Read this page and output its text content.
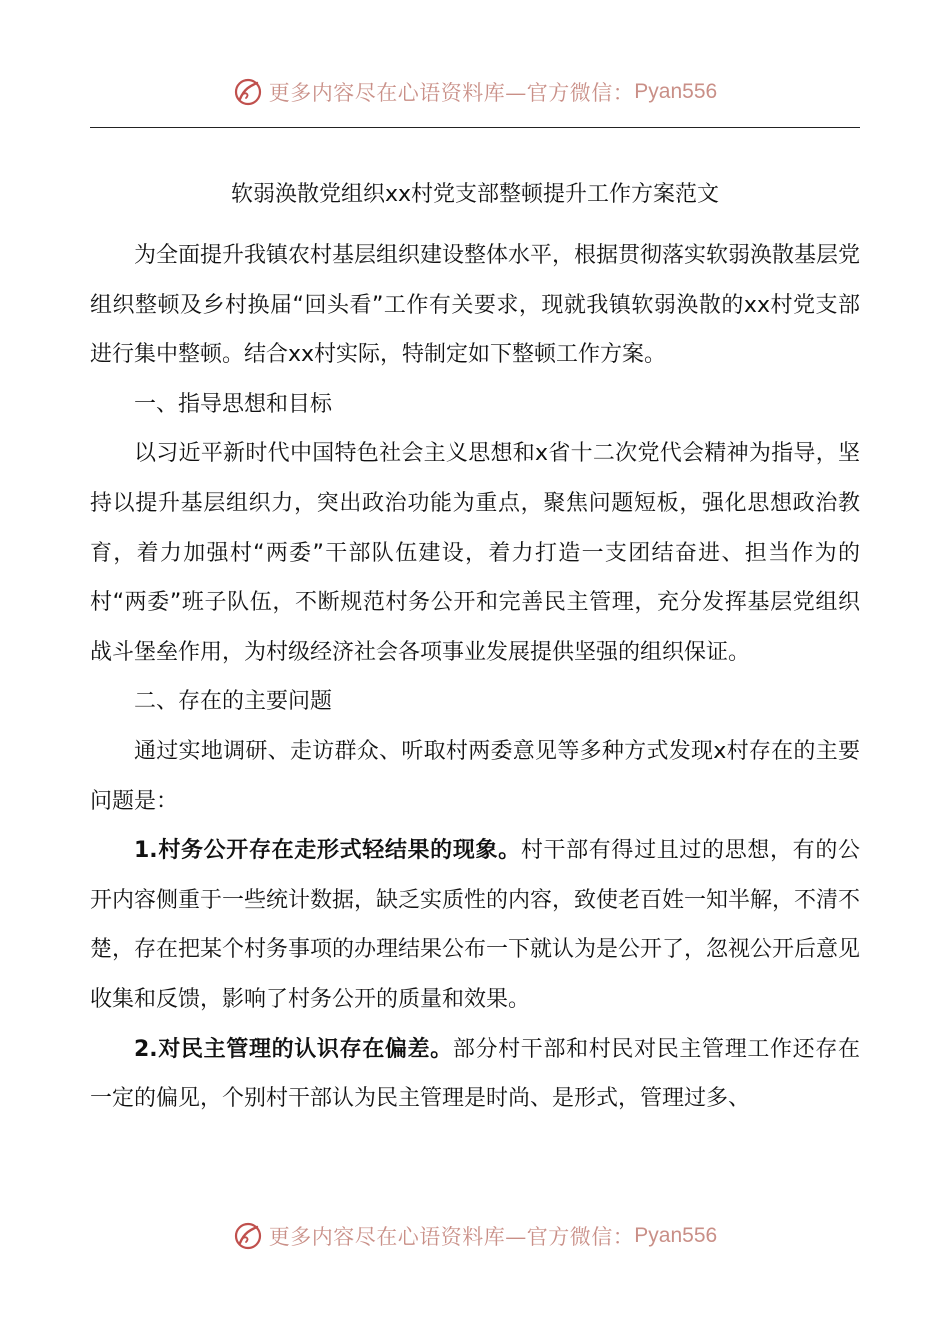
更多内容尽在心语资料库—官方微信： Pyan556
软弱涣散党组织xx村党支部整顿提升工作方案范文

为全面提升我镇农村基层组织建设整体水平，根据贯彻落实软弱涣散基层党组织整顿及乡村换届“回头看”工作有关要求，现就我镇软弱涣散的xx村党支部进行集中整顿。结合xx村实际，特制定如下整顿工作方案。

一、指导思想和目标

以习近平新时代中国特色社会主义思想和x省十二次党代会精神为指导，坚持以提升基层组织力，突出政治功能为重点，聚焦问题短板，强化思想政治教育，着力加强村“两委”干部队伍建设，着力打造一支团结奋进、担当作为的村“两委”班子队伍，不断规范村务公开和完善民主管理，充分发挥基层党组织战斗堡垒作用，为村级经济社会各项事业发展提供坚强的组织保证。

二、存在的主要问题

通过实地调研、走访群众、听取村两委意见等多种方式发现x村存在的主要问题是：

1.村务公开存在走形式轻结果的现象。村干部有得过且过的思想，有的公开内容侧重于一些统计数据，缺乏实质性的内容，致使老百姓一知半解，不清不楚，存在把某个村务事项的办理结果公布一下就认为是公开了，忽视公开后意见收集和反馈，影响了村务公开的质量和效果。

2.对民主管理的认识存在偏差。部分村干部和村民对民主管理工作还存在一定的偏见，个别村干部认为民主管理是时尚、是形式，管理过多、

更多内容尽在心语资料库—官方微信： Pyan556
